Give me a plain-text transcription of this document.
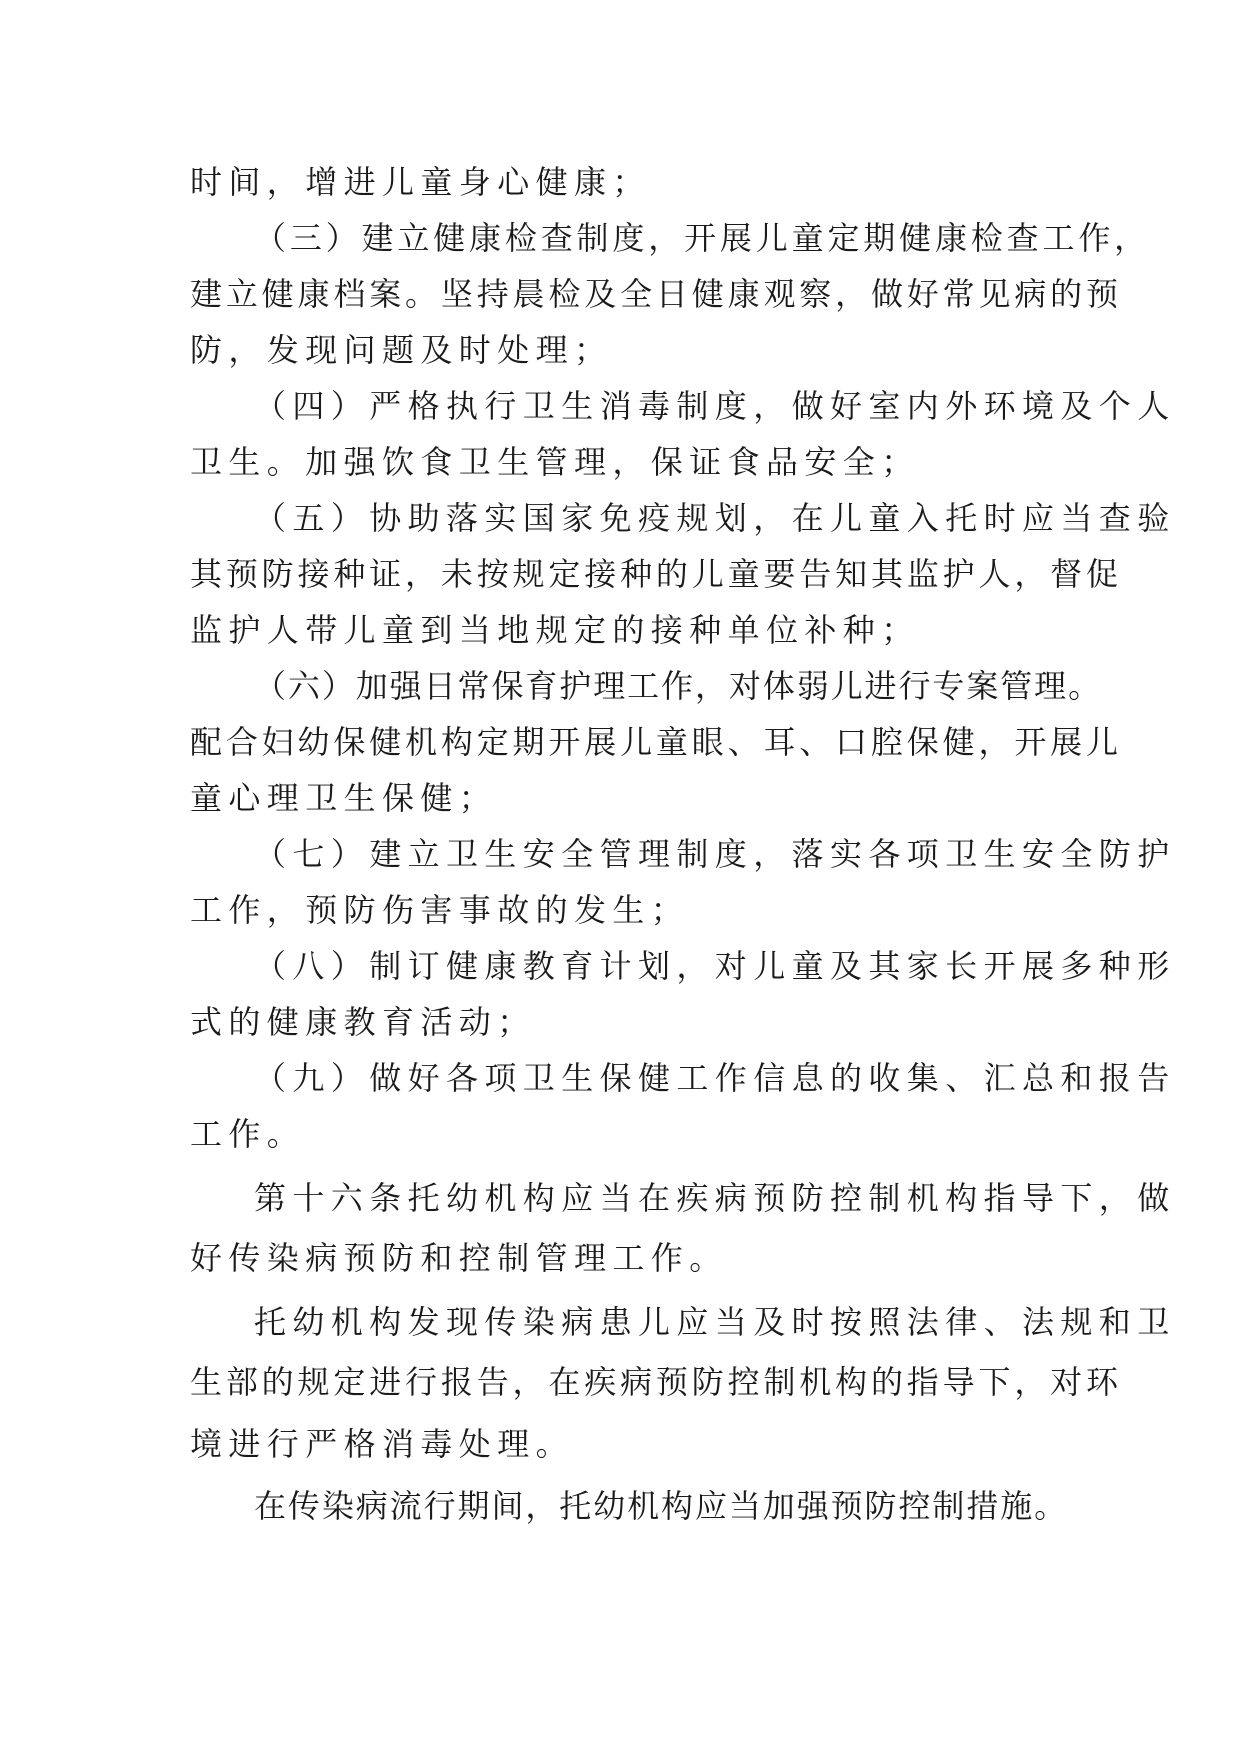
时间，增进儿童身心健康；
（三）建立健康检查制度，开展儿童定期健康检查工作，
建立健康档案。坚持晨检及全日健康观察，做好常见病的预
防，发现问题及时处理；
（四）严格执行卫生消毒制度，做好室内外环境及个人
卫生。加强饮食卫生管理，保证食品安全；
（五）协助落实国家免疫规划，在儿童入托时应当查验
其预防接种证，未按规定接种的儿童要告知其监护人，督促
监护人带儿童到当地规定的接种单位补种；
（六）加强日常保育护理工作，对体弱儿进行专案管理。
配合妇幼保健机构定期开展儿童眼、耳、口腔保健，开展儿
童心理卫生保健；
（七）建立卫生安全管理制度，落实各项卫生安全防护
工作，预防伤害事故的发生；
（八）制订健康教育计划，对儿童及其家长开展多种形
式的健康教育活动；
（九）做好各项卫生保健工作信息的收集、汇总和报告
工作。
第十六条托幼机构应当在疾病预防控制机构指导下，做
好传染病预防和控制管理工作。
托幼机构发现传染病患儿应当及时按照法律、法规和卫
生部的规定进行报告，在疾病预防控制机构的指导下，对环
境进行严格消毒处理。
在传染病流行期间，托幼机构应当加强预防控制措施。
